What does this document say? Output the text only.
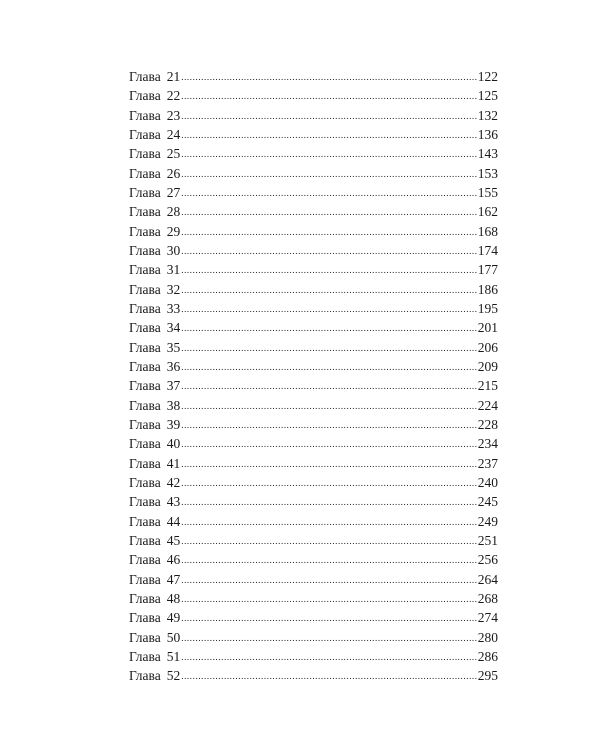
Глава 21 .....	122
Глава 22 .....	125
Глава 23 .....	132
Глава 24 .....	136
Глава 25 .....	143
Глава 26 .....	153
Глава 27 .....	155
Глава 28 .....	162
Глава 29 .....	168
Глава 30 .....	174
Глава 31 .....	177
Глава 32 .....	186
Глава 33 .....	195
Глава 34 .....	201
Глава 35 .....	206
Глава 36 .....	209
Глава 37 .....	215
Глава 38 .....	224
Глава 39 .....	228
Глава 40 .....	234
Глава 41 .....	237
Глава 42 .....	240
Глава 43 .....	245
Глава 44 .....	249
Глава 45 .....	251
Глава 46 .....	256
Глава 47 .....	264
Глава 48 .....	268
Глава 49 .....	274
Глава 50 .....	280
Глава 51 .....	286
Глава 52 .....	295
